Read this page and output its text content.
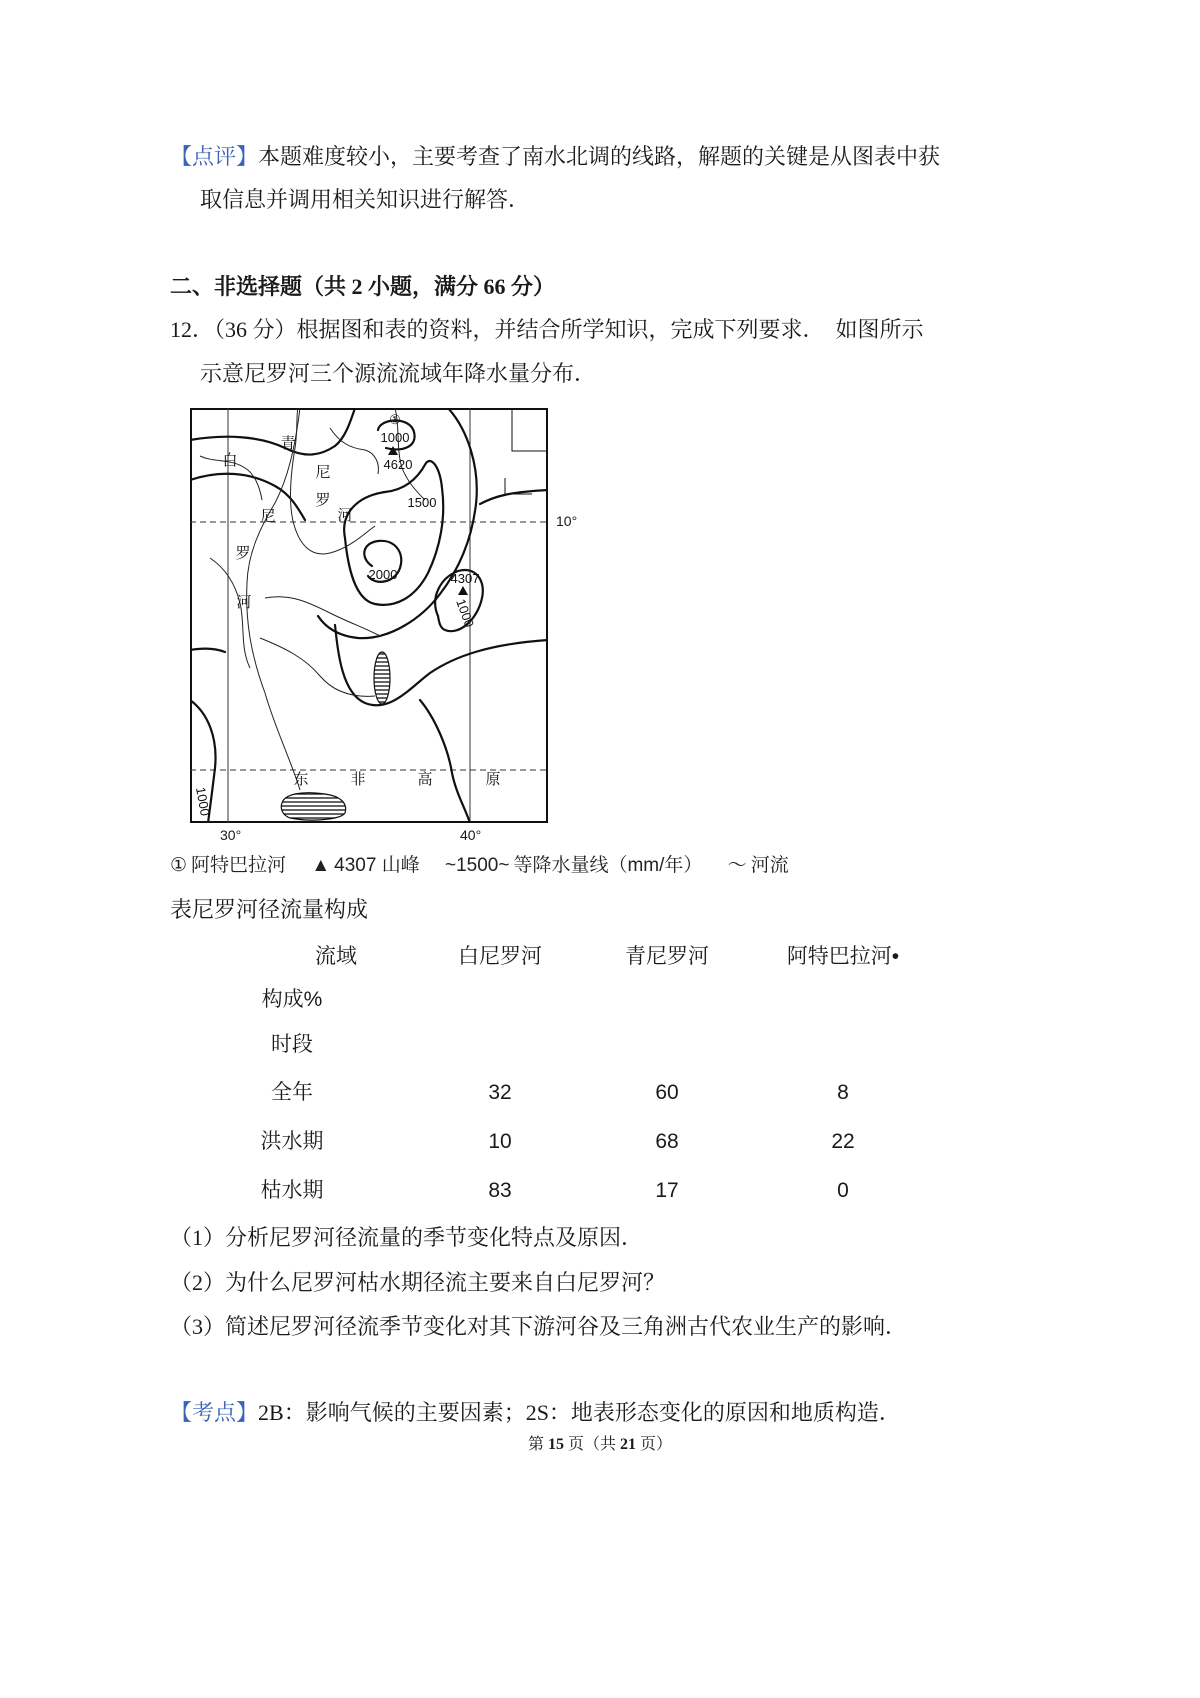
【点评】本题难度较小，主要考查了南水北调的线路，解题的关键是从图表中获
取信息并调用相关知识进行解答．
二、非选择题（共 2 小题，满分 66 分）
12．（36 分）根据图和表的资料，并结合所学知识，完成下列要求．　如图所示
示意尼罗河三个源流流域年降水量分布．
①
1000
4620
1500
2000	4307
1000
1000
白
尼
罗
河
青
尼
罗
河
东	非	高	原
30°	40°
10°
① 阿特巴拉河 ▲ 4307 山峰 ~1500~ 等降水量线（mm/年） ～ 河流
表尼罗河径流量构成
流域	白尼罗河	青尼罗河	阿特巴拉河•
构成%
时段
全年	32	60	8
洪水期	10	68	22
枯水期	83	17	0
（1）分析尼罗河径流量的季节变化特点及原因．
（2）为什么尼罗河枯水期径流主要来自白尼罗河？
（3）简述尼罗河径流季节变化对其下游河谷及三角洲古代农业生产的影响．
【考点】2B：影响气候的主要因素；2S：地表形态变化的原因和地质构造．
第 15 页（共 21 页）
